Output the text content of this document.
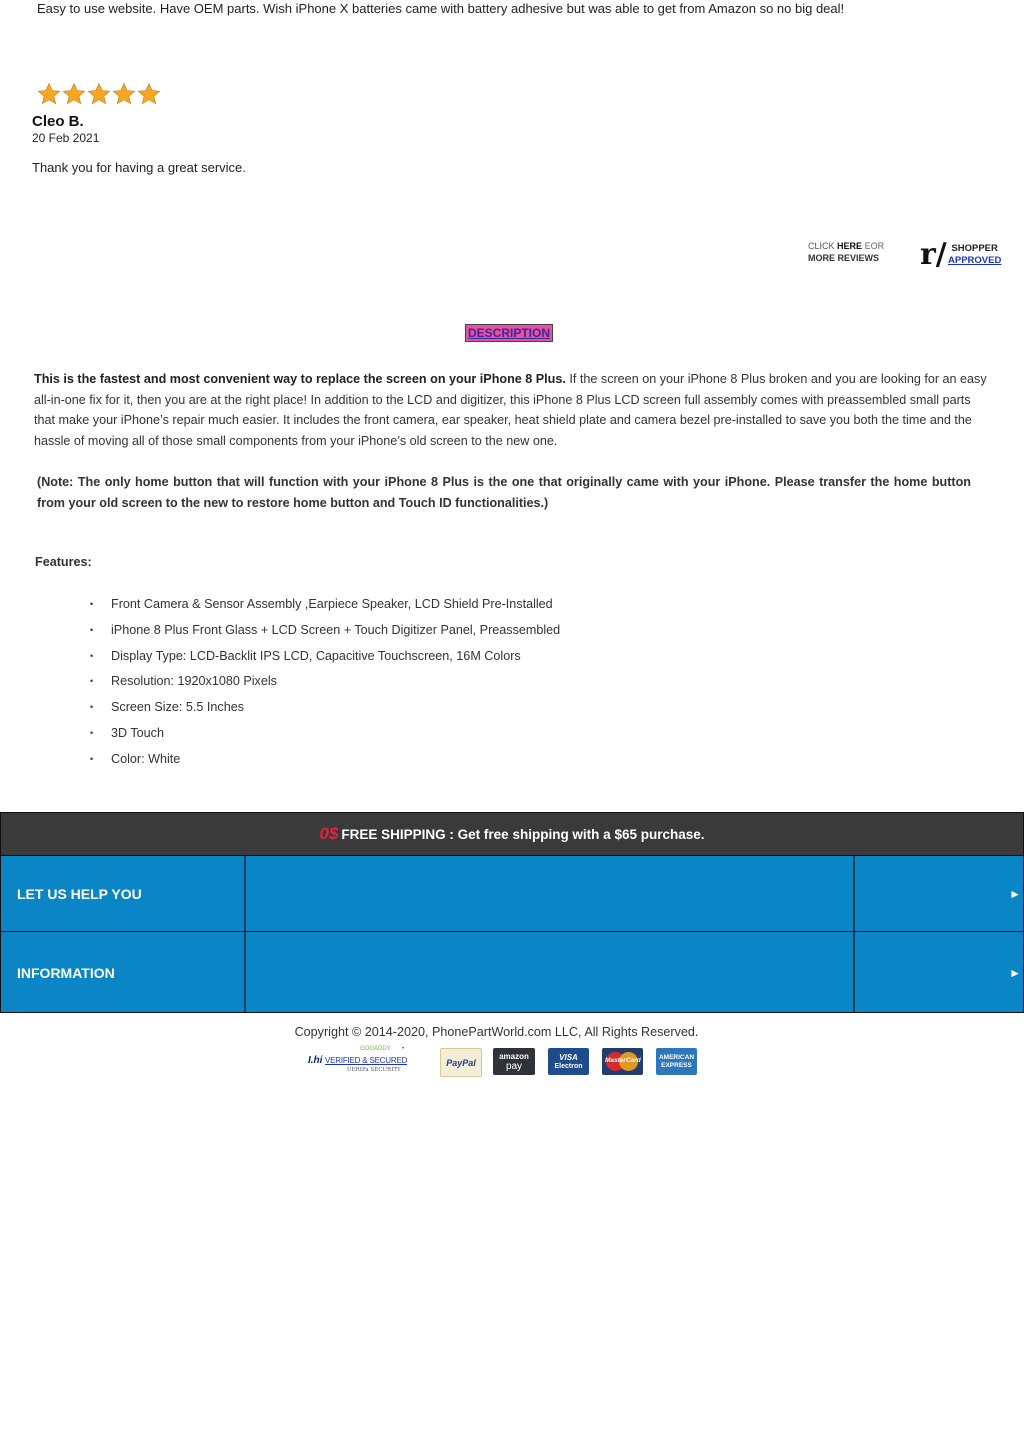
Easy to use website. Have OEM parts. Wish iPhone X batteries came with battery adhesive but was able to get from Amazon so no big deal!
Cleo B.
20 Feb 2021
Thank you for having a great service.
CLICK HERE EOR
MORE REVIEWS r/ SHOPPER
APPROVED
DESCRIPTION
This is the fastest and most convenient way to replace the screen on your iPhone 8 Plus. If the screen on your iPhone 8 Plus broken and you are looking for an easy all-in-one fix for it, then you are at the right place! In addition to the LCD and digitizer, this iPhone 8 Plus LCD screen full assembly comes with preassembled small parts that make your iPhone’s repair much easier. It includes the front camera, ear speaker, heat shield plate and camera bezel pre-installed to save you both the time and the hassle of moving all of those small components from your iPhone’s old screen to the new one.
(Note: The only home button that will function with your iPhone 8 Plus is the one that originally came with your iPhone. Please transfer the home button from your old screen to the new to restore home button and Touch ID functionalities.)
Features:
•	Front Camera & Sensor Assembly ,Earpiece Speaker, LCD Shield Pre-Installed
•	iPhone 8 Plus Front Glass + LCD Screen + Touch Digitizer Panel, Preassembled
•	Display Type: LCD-Backlit IPS LCD, Capacitive Touchscreen, 16M Colors
•	Resolution: 1920x1080 Pixels
•	Screen Size: 5.5 Inches
•	3D Touch
•	Color: White
0$ FREE SHIPPING : Get free shipping with a $65 purchase.
LET US HELP YOU	►
INFORMATION	►
Copyright © 2014-2020, PhonePartWorld.com LLC, All Rights Reserved.
GOGADDY •
I.hi VERIFIED & SECURED
UERIFa SECURITY
PayPal
amazon
pay
VISA
Electron
MasterCard	AMERICAN
EXPRESS
